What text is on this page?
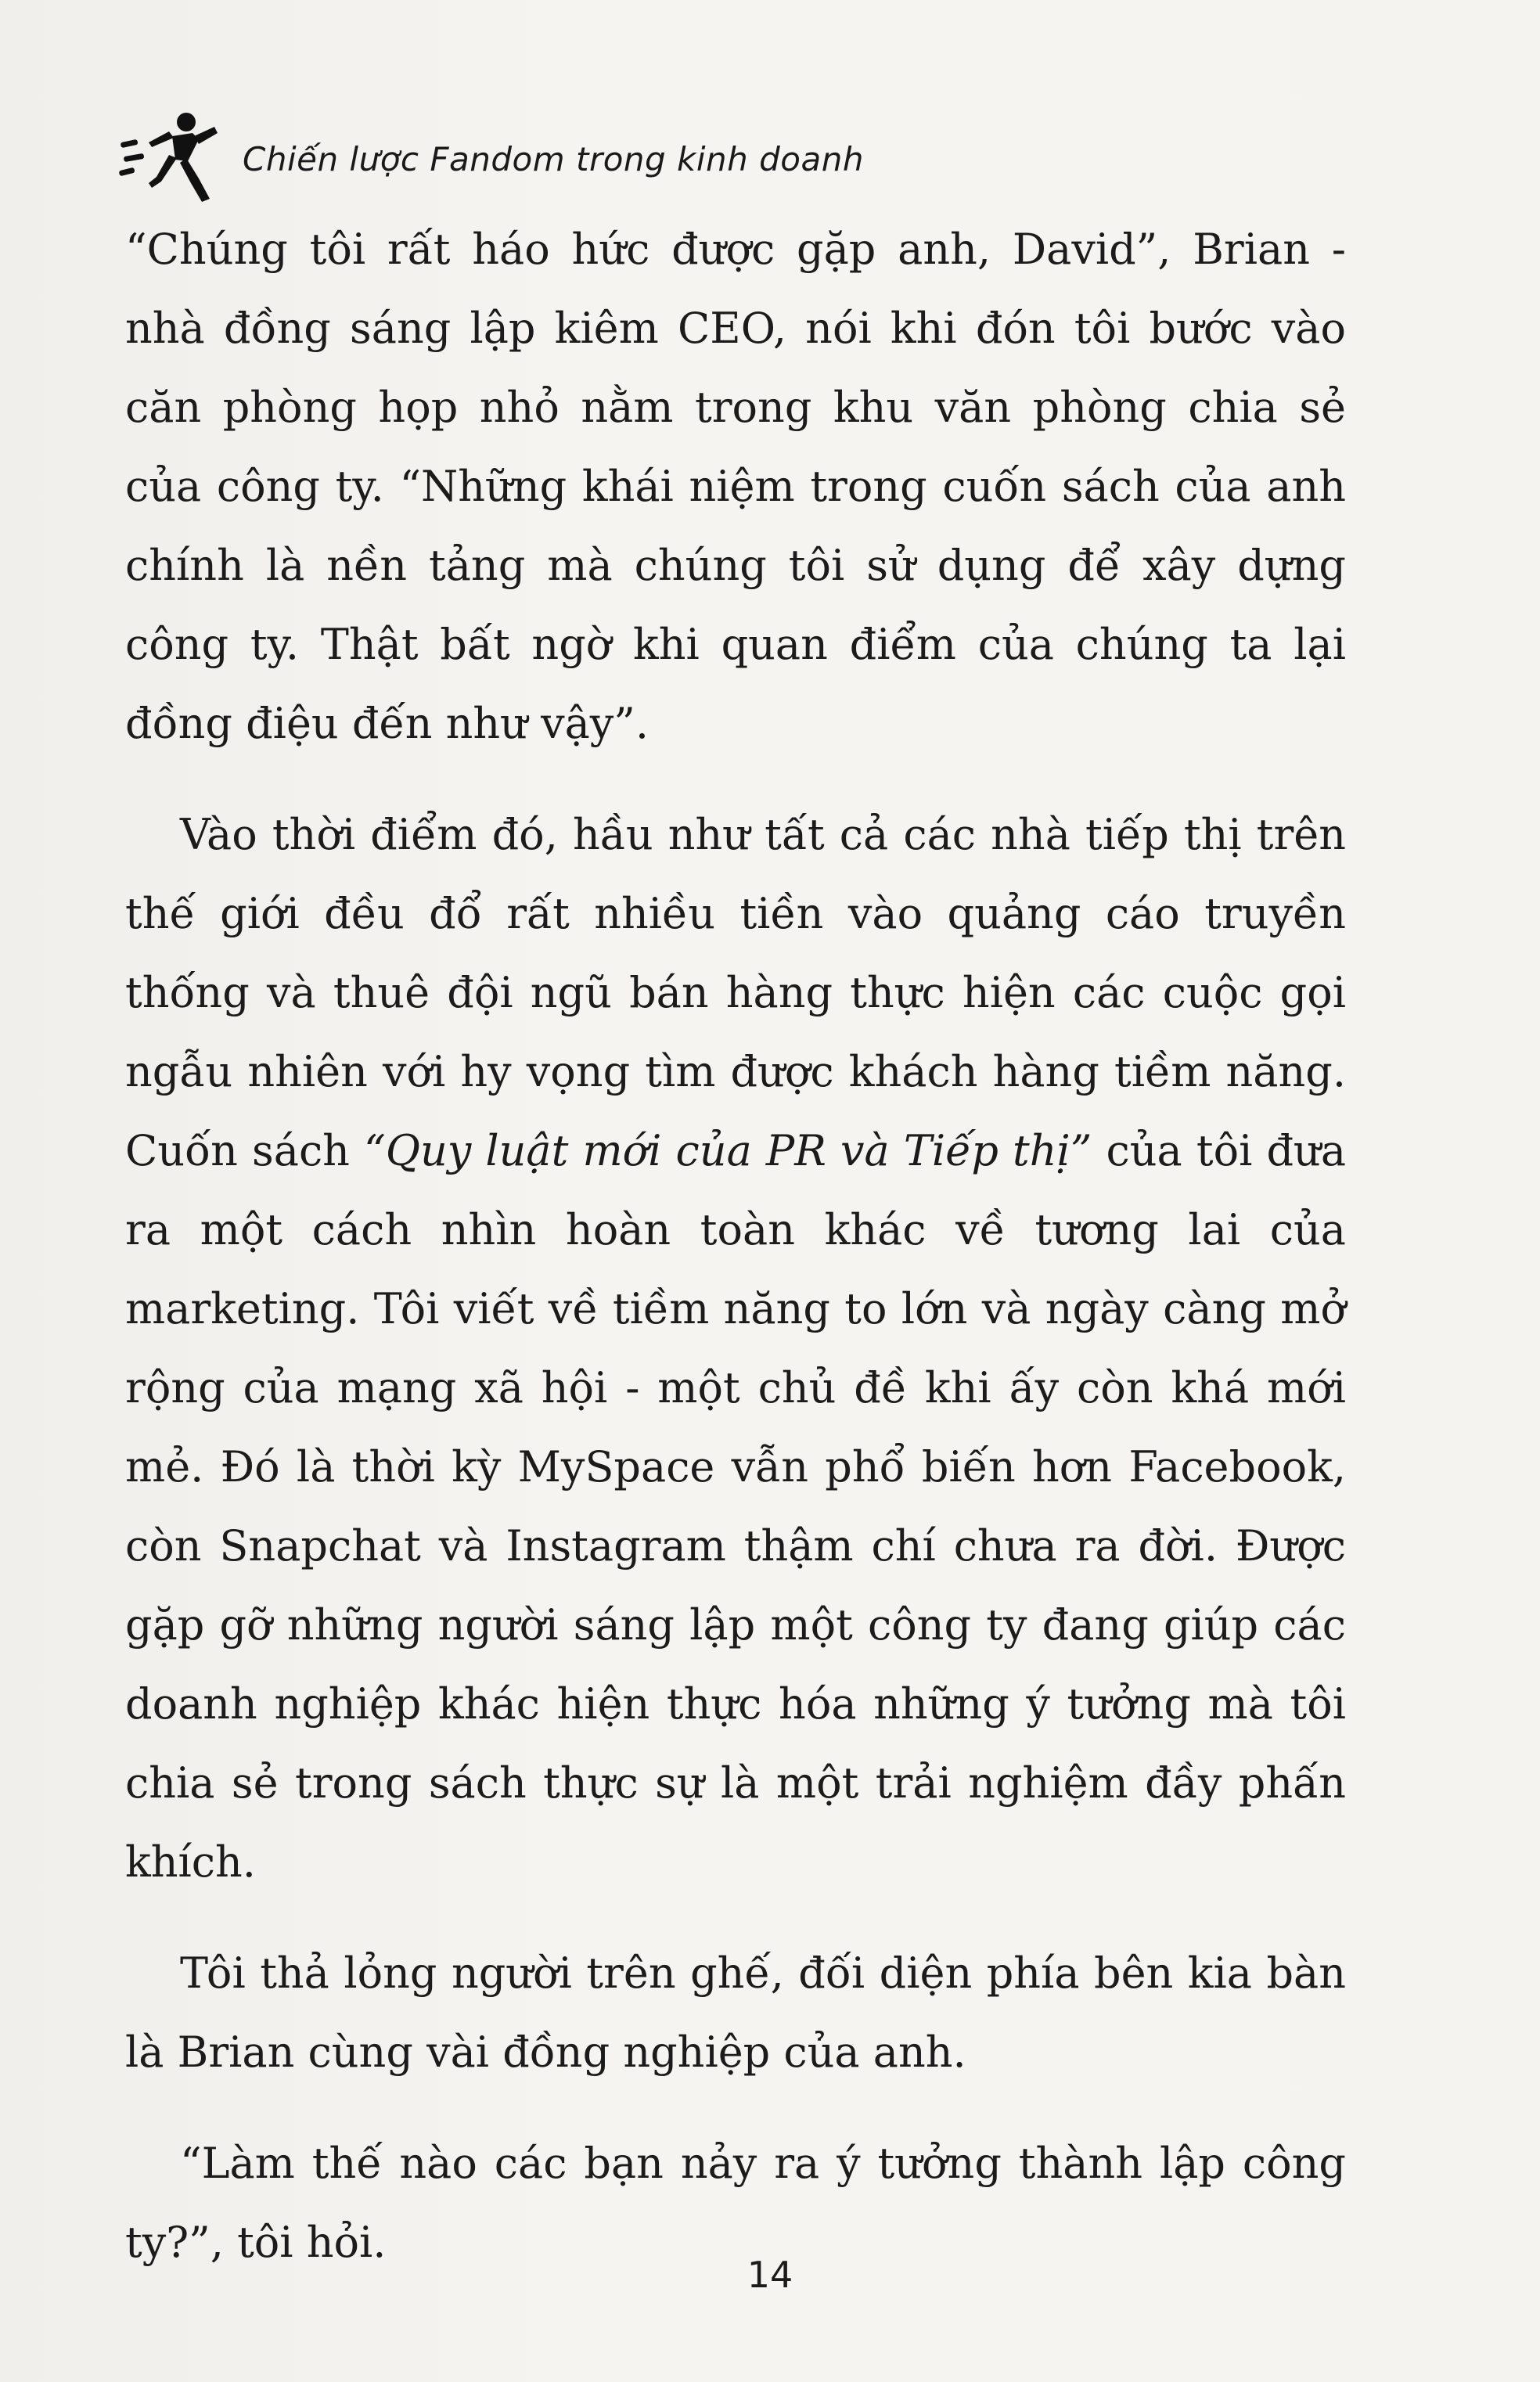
Chiến lược Fandom trong kinh doanh

“Chúng tôi rất háo hức được gặp anh, David”, Brian - nhà đồng sáng lập kiêm CEO, nói khi đón tôi bước vào căn phòng họp nhỏ nằm trong khu văn phòng chia sẻ của công ty. “Những khái niệm trong cuốn sách của anh chính là nền tảng mà chúng tôi sử dụng để xây dựng công ty. Thật bất ngờ khi quan điểm của chúng ta lại đồng điệu đến như vậy”.

Vào thời điểm đó, hầu như tất cả các nhà tiếp thị trên thế giới đều đổ rất nhiều tiền vào quảng cáo truyền thống và thuê đội ngũ bán hàng thực hiện các cuộc gọi ngẫu nhiên với hy vọng tìm được khách hàng tiềm năng. Cuốn sách “Quy luật mới của PR và Tiếp thị” của tôi đưa ra một cách nhìn hoàn toàn khác về tương lai của marketing. Tôi viết về tiềm năng to lớn và ngày càng mở rộng của mạng xã hội - một chủ đề khi ấy còn khá mới mẻ. Đó là thời kỳ MySpace vẫn phổ biến hơn Facebook, còn Snapchat và Instagram thậm chí chưa ra đời. Được gặp gỡ những người sáng lập một công ty đang giúp các doanh nghiệp khác hiện thực hóa những ý tưởng mà tôi chia sẻ trong sách thực sự là một trải nghiệm đầy phấn khích.

Tôi thả lỏng người trên ghế, đối diện phía bên kia bàn là Brian cùng vài đồng nghiệp của anh.

“Làm thế nào các bạn nảy ra ý tưởng thành lập công ty?”, tôi hỏi.

14
